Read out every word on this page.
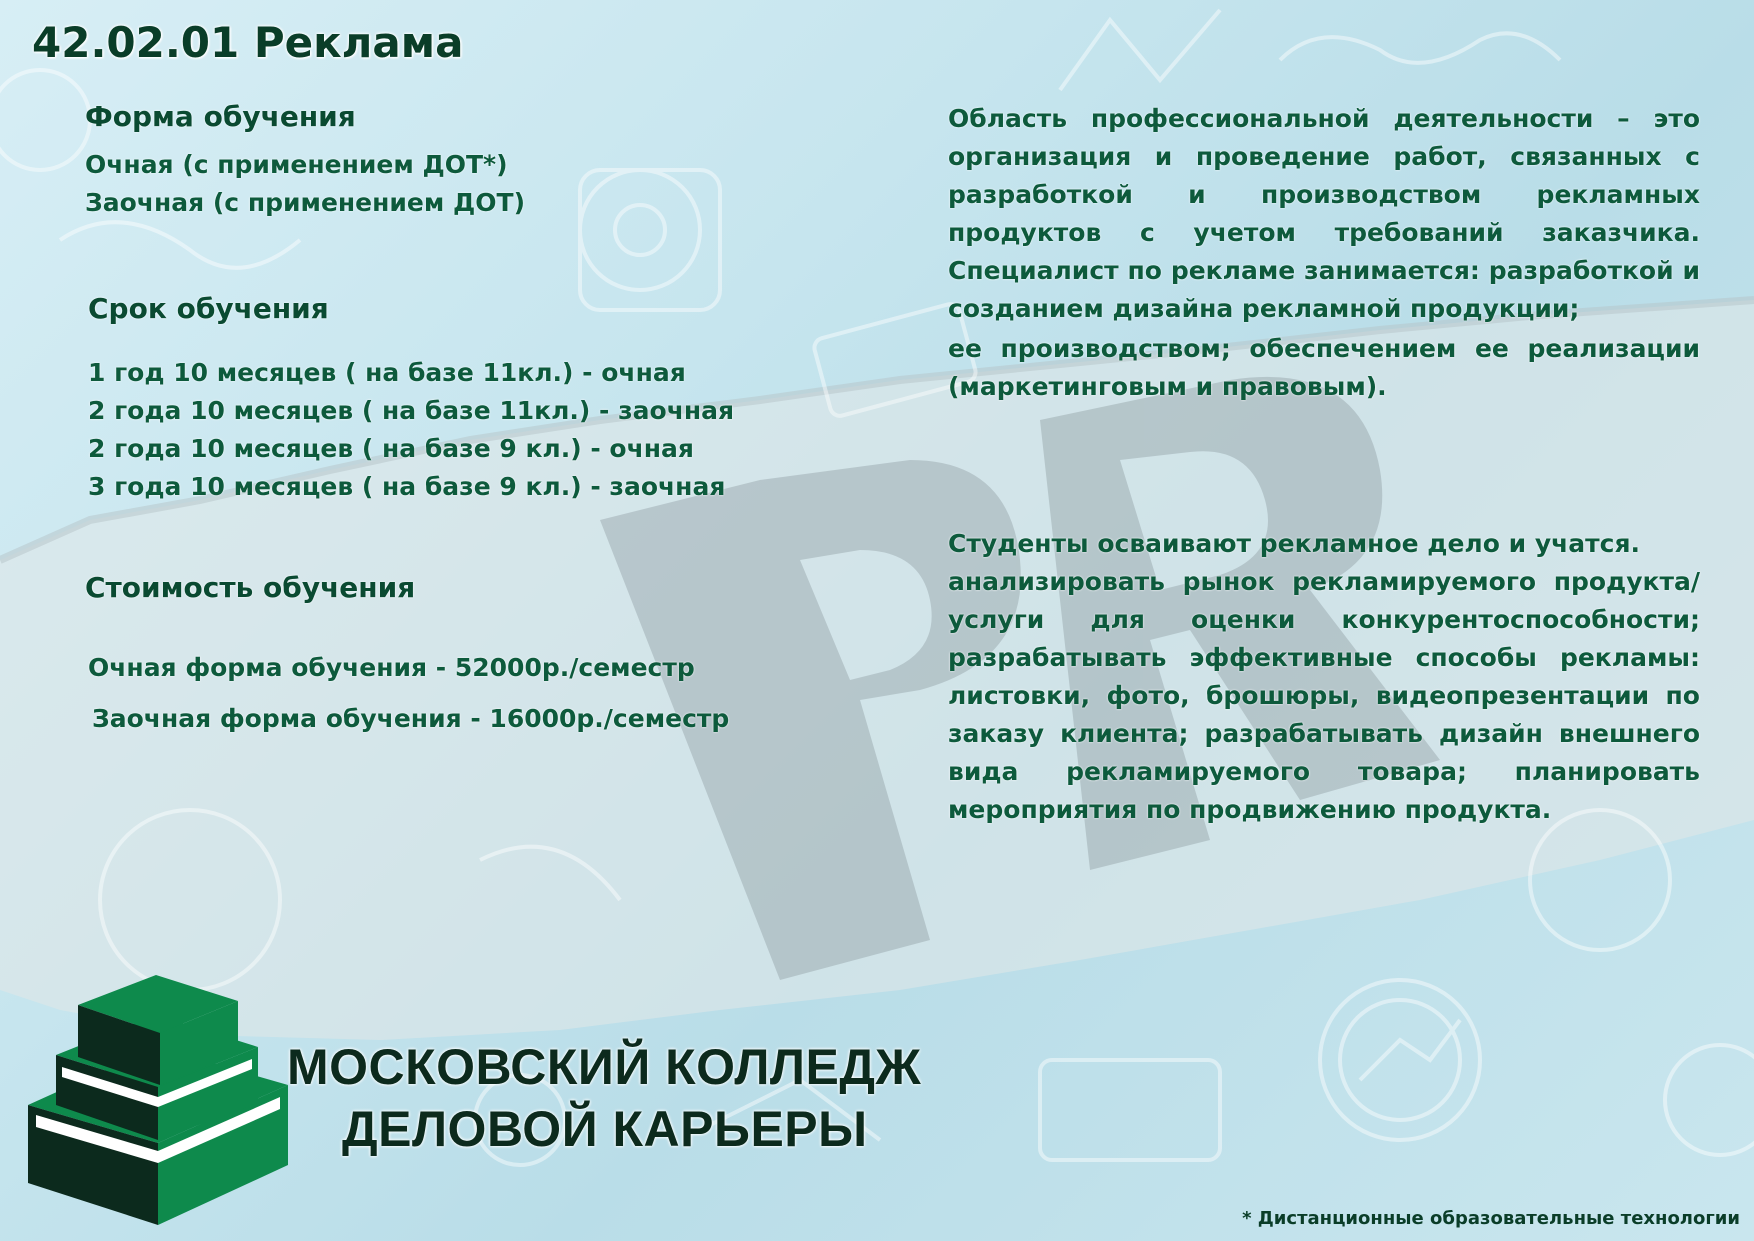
42.02.01 Реклама
Форма обучения
Очная (с применением ДОТ*)
Заочная (с применением ДОТ)
Срок обучения
1 год 10 месяцев ( на базе 11кл.) - очная
2 года 10 месяцев ( на базе 11кл.) - заочная
2 года 10 месяцев ( на базе 9 кл.) - очная
3 года 10 месяцев ( на базе 9 кл.) - заочная
Стоимость обучения
Очная форма обучения - 52000р./семестр
Заочная форма обучения - 16000р./семестр
Область профессиональной деятельности – это организация и проведение работ, связанных с разработкой и производством рекламных продуктов с учетом требований заказчика. Специалист по рекламе занимается: разработкой и созданием дизайна рекламной продукции;
ее производством; обеспечением ее реализации (маркетинговым и правовым).
Студенты осваивают рекламное дело и учатся.
анализировать рынок рекламируемого продукта/услуги для оценки конкурентоспособности; разрабатывать эффективные способы рекламы: листовки, фото, брошюры, видеопрезентации по заказу клиента; разрабатывать дизайн внешнего вида рекламируемого товара; планировать мероприятия по продвижению продукта.
МОСКОВСКИЙ КОЛЛЕДЖ
ДЕЛОВОЙ КАРЬЕРЫ
* Дистанционные образовательные технологии
